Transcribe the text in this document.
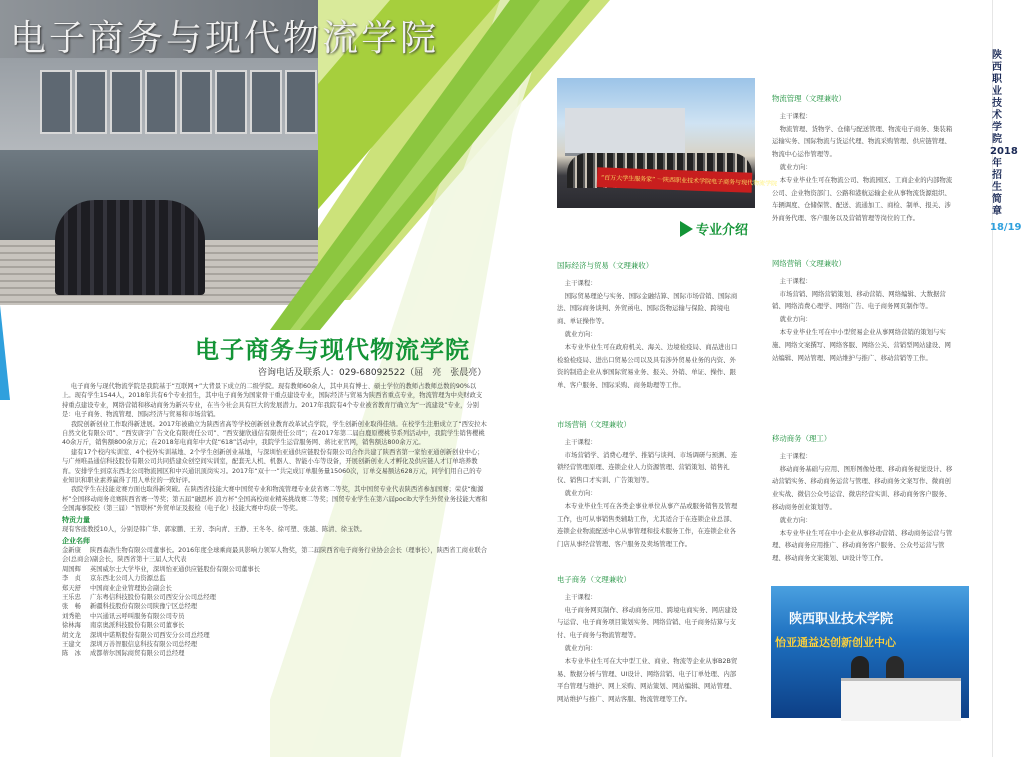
电子商务与现代物流学院
电子商务与现代物流学院
咨询电话及联系人：029-68092522（屈　亮　张晨亮）

电子商务与现代物流学院是我院基于“互联网+”大背景下成立的二级学院。现有教师60余人，其中具有博士、硕士学位的教师占教师总数的90%以上。现有学生1544人，2018年共有6个专业招生，其中电子商务为国家骨干重点建设专业，国际经济与贸易为陕西省重点专业，物流管理为中央财政支持重点建设专业，网络营销和移动商务为新兴专业，在当今社会具有巨大的发展潜力。2017年我院有4个专业被省教育厅确立为“一流建设”专业，分别是：电子商务、物流管理、国际经济与贸易和市场营销。

我院创新创业工作取得新进展。2017年被确立为陕西省高等学校创新创业教育改革试点学院，学生创新创业取得佳绩。在校学生注册成立了“西安拉木自然文化有限公司”、“西安唐宇广告文化有限责任公司”、“西安捷欣通信有限责任公司”；在2017年第二届白鹿原樱桃节系列活动中，我院学生销售樱桃40余万斤，销售额800余万元；在2018年电商年中大促“618”活动中，我院学生运营服务网、蒋比亚官网，销售额达800余万元。

建有17个校内实训室、4个校外实训基地、2个学生创新创业基地，与深圳怡亚通供应链股份有限公司合作共建了陕西省第一家怡亚通创新创业中心；与广州唯品通信科技股份有限公司共同搭建众创空间实训室，配套无人机、机器人、智能小车等设备，开展创新创业人才孵化及供应链人才订单培养教育。安排学生到京东西北公司物流园区和中兴通讯顶岗实习。2017年“双十一”共完成订单服务量15060次，订单交易额达628万元，同学们用自己的专业知识和职业素养赢得了用人单位的一致好评。

我院学生在技能竞赛方面也取得新突破。在陕西省技能大赛中国贸专业和物流管理专业获省赛二等奖，其中国贸专业代表陕西省参加国赛；荣获“衡源杯”全国移动商务竞赛陕西省赛一等奖；第五届“融思杯 浪方杯”全国高校商业精英挑战赛二等奖；国贸专业学生在第六届pocib大学生外贸业务技能大赛和全国海事院校（第三届）“智联杯”外贸单证及报检（电子化）技能大赛中均获一等奖。

特贡力量
现有客座教授10人，分别是韩广华、郭家鹏、王芳、李向青、王静、王冬冬、徐可塑、张越、陈清、徐玉铁。
企业名师
金新康 陕西森浩生物有限公司董事长。2016年度全球乘商最具影响力领军人物奖，第二届陕西省电子商务行业协会会长（理事长），陕西省工商业联合会(总商会)副会长，陕西省第十三届人大代表
周国辉 英国威尔士大学毕业，深圳怡亚通供应链股份有限公司董事长
李　贞 京东西北公司人力资源总监
郑天舒 中国商业企业管理协会副会长
王乐忠 广东粤信科技股份有限公司西安分公司总经理
张　畅 新疆科技股份有限公司陕豫宁区总经理
刘秀艳 中兴通讯云呼叫服务有限公司专员
徐林海 南京奥派科技股份有限公司董事长
胡文龙 深圳中诺斯股份有限公司西安分公司总经理
王建文 深圳万善智服信息科技有限公司总经理
陈　冰 成都蒂尔国际商贸有限公司总经理
“百万大学生服务家” 一陕西职业技术学院电子商务与现代物流学院
专业介绍
物流管理（文理兼收）

主干课程：

物流管理、货物学、仓储与配送管理、物流电子商务、集装箱运输实务、国际物流与货运代理、物流采购管理、供应链管理、物流中心运作管理等。

就业方向：

本专业毕业生可在物流公司、物流园区、工商企业的内部物流公司、企业物资部门、公路和港航运输企业从事物流货源组织、车辆调度、仓储保管、配送、流通加工、商检、制单、报关、涉外商务代理、客户服务以及营销管理等岗位的工作。

国际经济与贸易（文理兼收）

主干课程：

国际贸易理论与实务、国际金融结算、国际市场营销、国际商法、国际商务谈判、外贸函电、国际货物运输与保险、跨境电商、单证操作等。

就业方向：

本专业毕业生可在政府机关、海关、边境检疫局、商品进出口检验检疫局、进出口贸易公司以及具有涉外贸易业务的内资、外资的制造企业从事国际贸易业务、报关、外销、单证、操作、跟单、客户服务、国际采购、商务助理等工作。

市场营销（文理兼收）

主干课程：

市场营销学、消费心理学、推销与谈判、市场调研与预测、连锁经营管理原理、连锁企业人力资源管理、营销策划、销售礼仪、销售口才实训、广告策划等。

就业方向：

本专业毕业生可在各类企事业单位从事产品或服务销售及管理工作，也可从事销售类辅助工作，尤其适合于在连锁企业总部、连锁企业物流配送中心从事管理和技术服务工作，在连锁企业各门店从事经营管理、客户服务及卖场管理工作。

网络营销（文理兼收）

主干课程：

市场营销、网络营销策划、移动营销、网络编辑、大数据营销、网络消费心理学、网络广告、电子商务网页制作等。

就业方向：

本专业毕业生可在中小型贸易企业从事网络营销的策划与实施、网络文案撰写、网络客服、网络公关、营销型网站建设、网站编辑、网站管理、网站维护与推广、移动营销等工作。

移动商务（理工）

主干课程：

移动商务基础与应用、图形图像处理、移动商务视觉设计、移动营销实务、移动商务运营与管理、移动商务文案写作、微商创业实战、微信公众号运营、微店经营实训、移动商务客户服务、移动商务创业策划等。

就业方向：

本专业毕业生可在中小企业从事移动营销、移动商务运营与管理、移动商务应用推广、移动商务客户服务、公众号运营与管理、移动商务文案策划、UI设计等工作。

电子商务（文理兼收）

主干课程：

电子商务网页制作、移动商务应用、跨境电商实务、网店建设与运营、电子商务项目策划实务、网络营销、电子商务结算与支付、电子商务与物流管理等。

就业方向：

本专业毕业生可在大中型工业、商业、物流等企业从事B2B贸易、数据分析与管理、UI设计、网络营销、电子订单处理、内部平台管理与维护、网上采购、网站策划、网站编辑、网站管理、网站维护与推广、网站客服、物流管理等工作。

陕西职业技术学院
怡亚通益达创新创业中心
陕西职业技术学院2018年招生简章
18/19
